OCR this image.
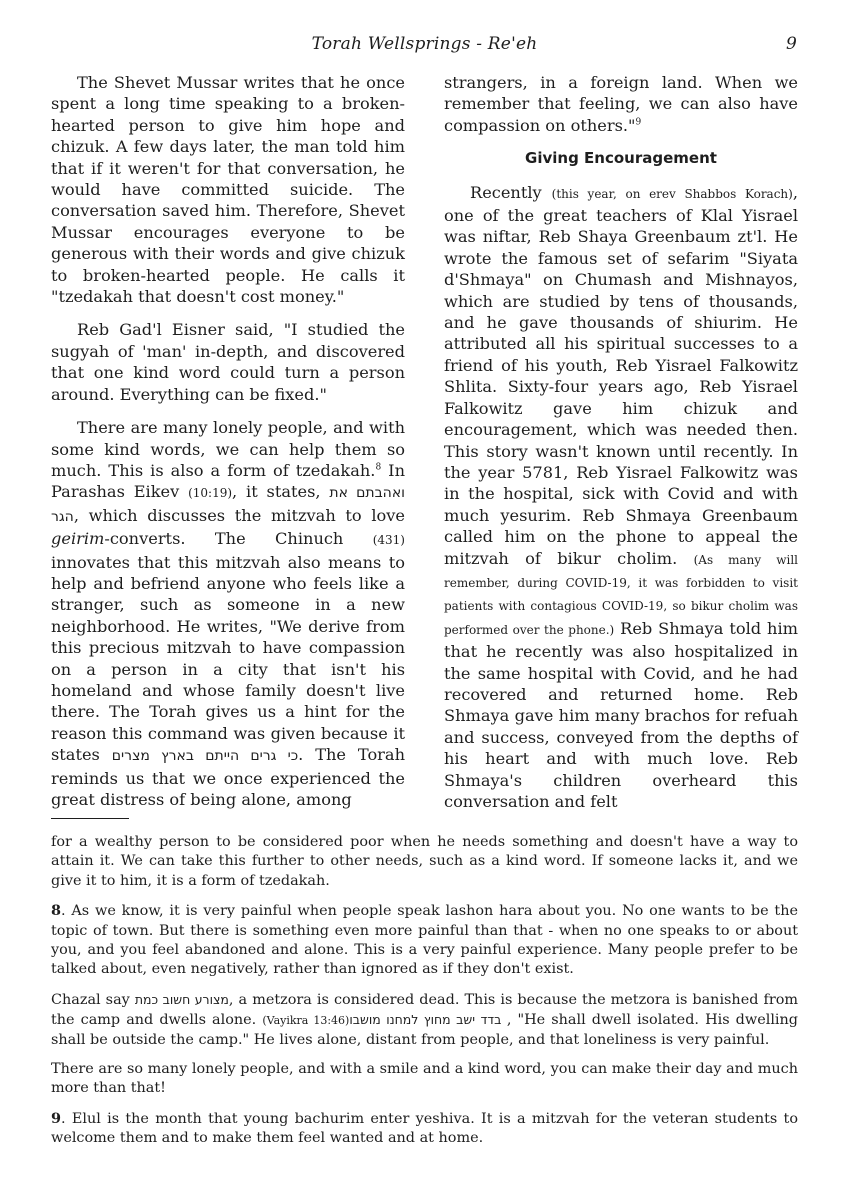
Torah Wellsprings - Re'eh	9

The Shevet Mussar writes that he once spent a long time speaking to a broken-hearted person to give him hope and chizuk. A few days later, the man told him that if it weren't for that conversation, he would have committed suicide. The conversation saved him. Therefore, Shevet Mussar encourages everyone to be generous with their words and give chizuk to broken-hearted people. He calls it "tzedakah that doesn't cost money."

Reb Gad'l Eisner said, "I studied the sugyah of 'man' in-depth, and discovered that one kind word could turn a person around. Everything can be fixed."

There are many lonely people, and with some kind words, we can help them so much. This is also a form of tzedakah.$^8$ In Parashas Eikev (10:19), it states, ואהבתם את הגר, which discusses the mitzvah to love geirim-converts. The Chinuch (431) innovates that this mitzvah also means to help and befriend anyone who feels like a stranger, such as someone in a new neighborhood. He writes, "We derive from this precious mitzvah to have compassion on a person in a city that isn't his homeland and whose family doesn't live there. The Torah gives us a hint for the reason this command was given because it states כי גרים הייתם בארץ מצרים. The Torah reminds us that we once experienced the great distress of being alone, among

strangers, in a foreign land. When we remember that feeling, we can also have compassion on others."$^9$

Giving Encouragement

Recently (this year, on erev Shabbos Korach), one of the great teachers of Klal Yisrael was niftar, Reb Shaya Greenbaum zt'l. He wrote the famous set of sefarim "Siyata d'Shmaya" on Chumash and Mishnayos, which are studied by tens of thousands, and he gave thousands of shiurim. He attributed all his spiritual successes to a friend of his youth, Reb Yisrael Falkowitz Shlita. Sixty-four years ago, Reb Yisrael Falkowitz gave him chizuk and encouragement, which was needed then. This story wasn't known until recently. In the year 5781, Reb Yisrael Falkowitz was in the hospital, sick with Covid and with much yesurim. Reb Shmaya Greenbaum called him on the phone to appeal the mitzvah of bikur cholim. (As many will remember, during COVID-19, it was forbidden to visit patients with contagious COVID-19, so bikur cholim was performed over the phone.) Reb Shmaya told him that he recently was also hospitalized in the same hospital with Covid, and he had recovered and returned home. Reb Shmaya gave him many brachos for refuah and success, conveyed from the depths of his heart and with much love. Reb Shmaya's children overheard this conversation and felt

for a wealthy person to be considered poor when he needs something and doesn't have a way to attain it. We can take this further to other needs, such as a kind word. If someone lacks it, and we give it to him, it is a form of tzedakah.

8. As we know, it is very painful when people speak lashon hara about you. No one wants to be the topic of town. But there is something even more painful than that - when no one speaks to or about you, and you feel abandoned and alone. This is a very painful experience. Many people prefer to be talked about, even negatively, rather than ignored as if they don't exist.

Chazal say מצורע חשוב כמת, a metzora is considered dead. This is because the metzora is banished from the camp and dwells alone. (Vayikra 13:46) בדד ישב מחוץ למחנו מושבו, "He shall dwell isolated. His dwelling shall be outside the camp." He lives alone, distant from people, and that loneliness is very painful.

There are so many lonely people, and with a smile and a kind word, you can make their day and much more than that!

9. Elul is the month that young bachurim enter yeshiva. It is a mitzvah for the veteran students to welcome them and to make them feel wanted and at home.
